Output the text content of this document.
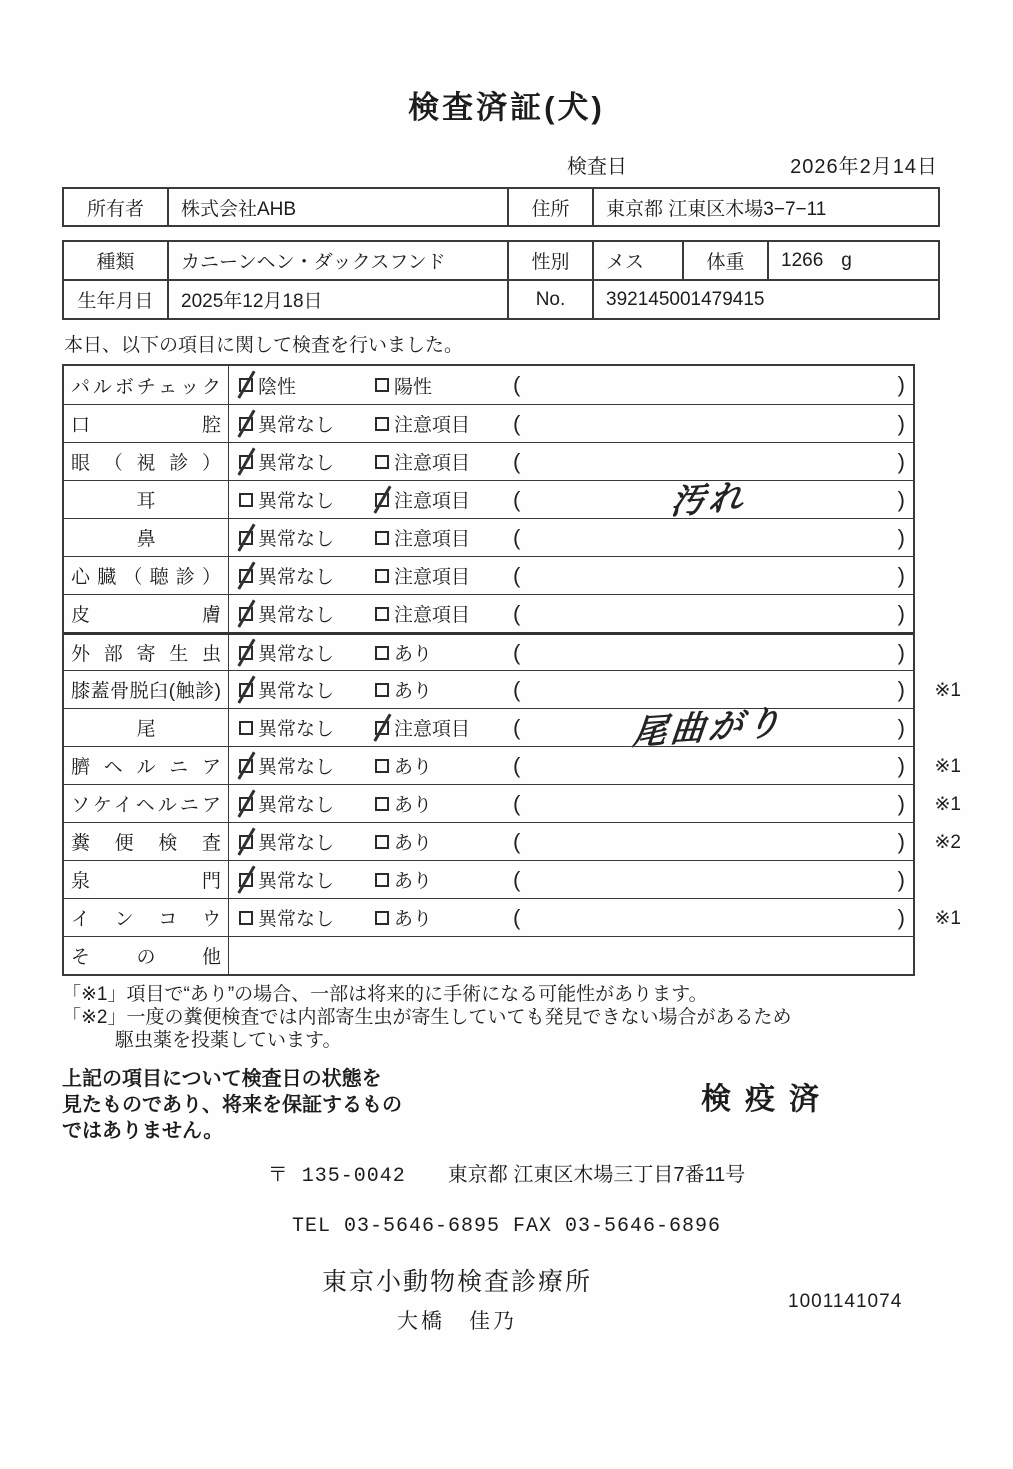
検査済証(犬)
検査日	2026年2月14日
所有者	株式会社AHB	住所	東京都 江東区木場3−7−11
種類	カニーンヘン・ダックスフンド	性別	メス	体重	1266 g
生年月日	2025年12月18日	No.	392145001479415
本日、以下の項目に関して検査を行いました。
パルボチェック 陰性	陽性	(	)
口腔 異常なし	注意項目 (	)
眼（視診） 異常なし	注意項目 (	)
耳	異常なし	注意項目 (	汚れ	)
鼻	異常なし	注意項目 (	)
心臓（聴診） 異常なし	注意項目 (	)
皮膚 異常なし	注意項目 (	)
外部寄生虫 異常なし	あり	(	)
膝蓋骨脱臼(触診) 異常なし	あり	(	) ※1
尾	異常なし	注意項目 (	尾曲がり	)
臍ヘルニア 異常なし	あり	(	) ※1
ソケイヘルニア 異常なし	あり	(	) ※1
糞便検査 異常なし	あり	(	) ※2
泉門 異常なし	あり	(	)
インコウ 異常なし	あり	(	) ※1
その他
「※1」項目で“あり”の場合、一部は将来的に手術になる可能性があります。
「※2」一度の糞便検査では内部寄生虫が寄生していても発見できない場合があるため
駆虫薬を投薬しています。
上記の項目について検査日の状態を
見たものであり、将来を保証するもの
ではありません。
検疫済
〒 135-0042 東京都 江東区木場三丁目7番11号
TEL 03-5646-6895 FAX 03-5646-6896
東京小動物検査診療所
大橋　佳乃
1001141074
